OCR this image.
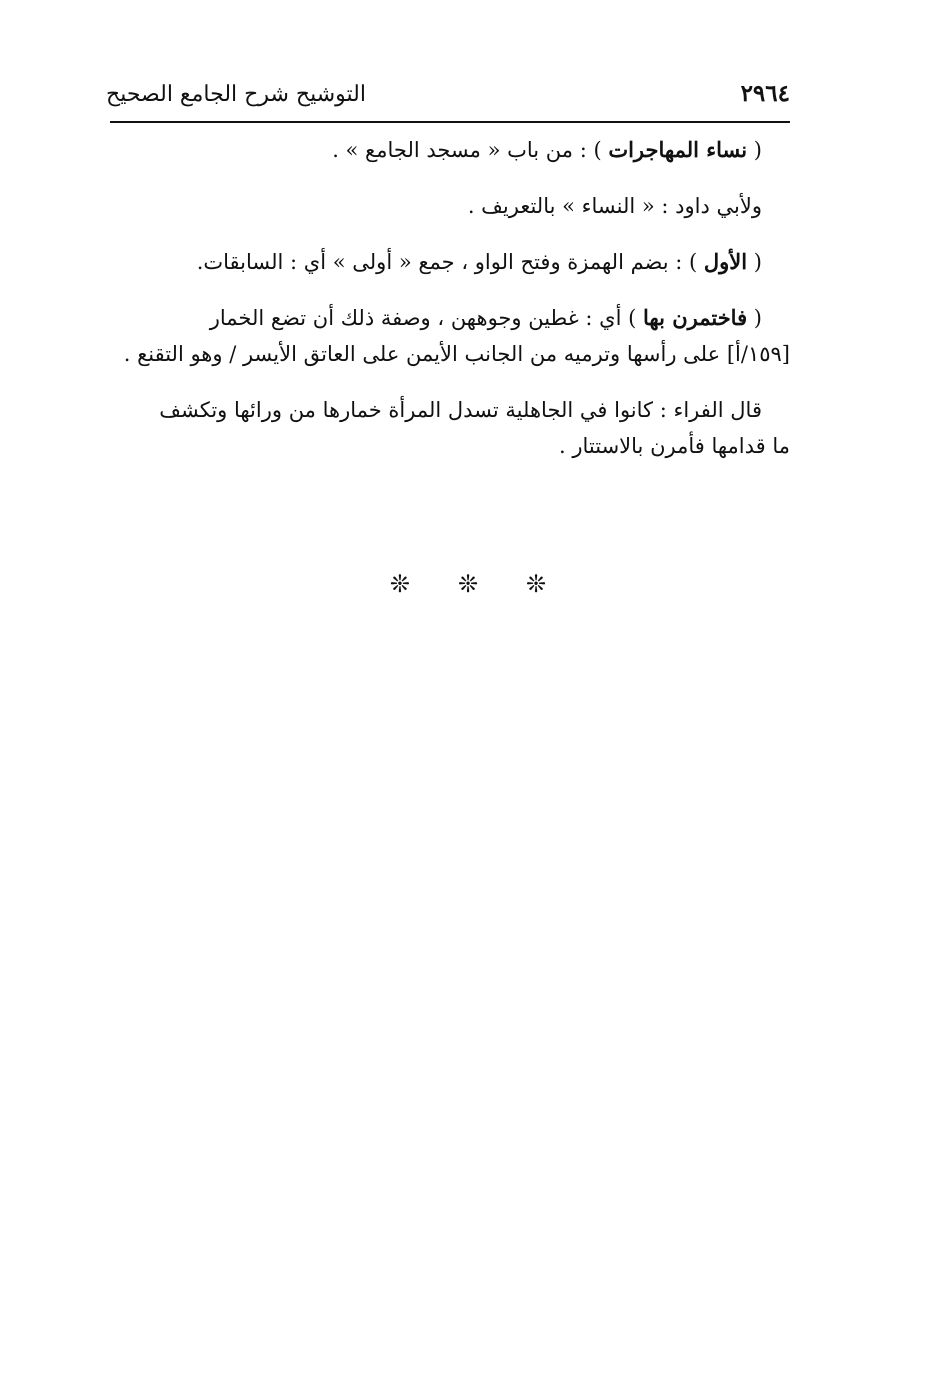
٢٩٦٤
التوشيح شرح الجامع الصحيح
( نساء المهاجرات ) : من باب « مسجد الجامع » .
ولأبي داود : « النساء » بالتعريف .
( الأول ) : بضم الهمزة وفتح الواو ، جمع « أولى » أي : السابقات.
( فاختمرن بها ) أي : غطين وجوههن ، وصفة ذلك أن تضع الخمار
[١٥٩/أ] على رأسها وترميه من الجانب الأيمن على العاتق الأيسر / وهو التقنع .
قال الفراء : كانوا في الجاهلية تسدل المرأة خمارها من ورائها وتكشف
ما قدامها فأمرن بالاستتار .
❊ ❊ ❊
